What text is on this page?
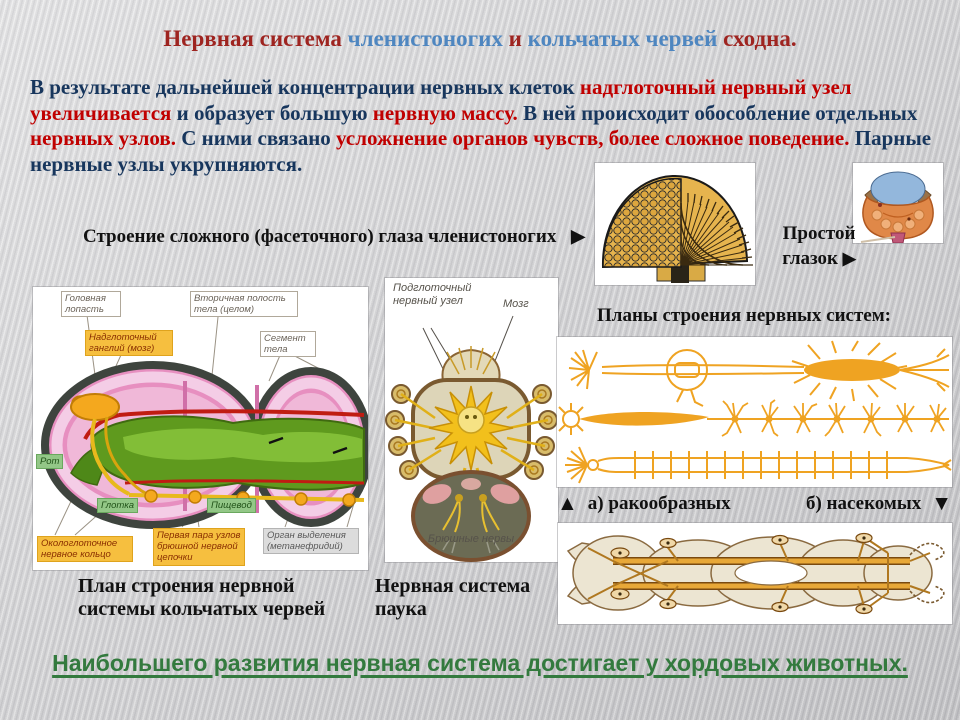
Нервная система членистоногих и кольчатых червей сходна.
В результате дальнейшей концентрации нервных клеток надглоточный нервный узел увеличивается и образует большую нервную массу. В ней происходит обособление отдельных нервных узлов. С ними связано усложнение органов чувств, более сложное поведение. Парные нервные узлы укрупняются.
Строение сложного (фасеточного) глаза членистоногих ▶	Простой
глазок ▶
Головная лопасть
Вторичная полость тела (целом)
Надглоточный ганглий (мозг)
Сегмент тела
Рот
Глотка	Пищевод
Окологлоточное нервное кольцо
Первая пара узлов брюшной нервной цепочки
Орган выделения (метанефридий)
План строения нервной системы кольчатых червей
Подглоточный нервный узел	Мозг
Брюшные нервы
Нервная система паука
Планы строения нервных систем:
▲ а) ракообразных	б) насекомых ▼
Наибольшего развития нервная система достигает у хордовых животных.
